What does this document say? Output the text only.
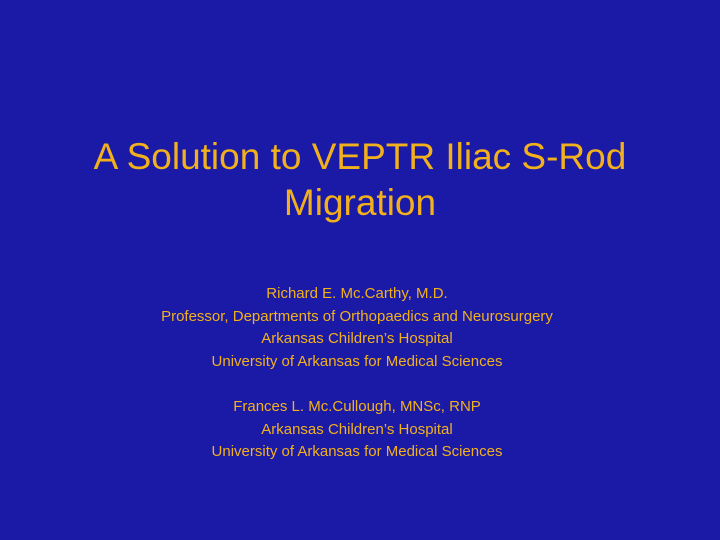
A Solution to VEPTR Iliac S-Rod
Migration
Richard E. Mc.Carthy, M.D.
Professor, Departments of Orthopaedics and Neurosurgery
Arkansas Children’s Hospital
University of Arkansas for Medical Sciences
Frances L. Mc.Cullough, MNSc, RNP
Arkansas Children’s Hospital
University of Arkansas for Medical Sciences
